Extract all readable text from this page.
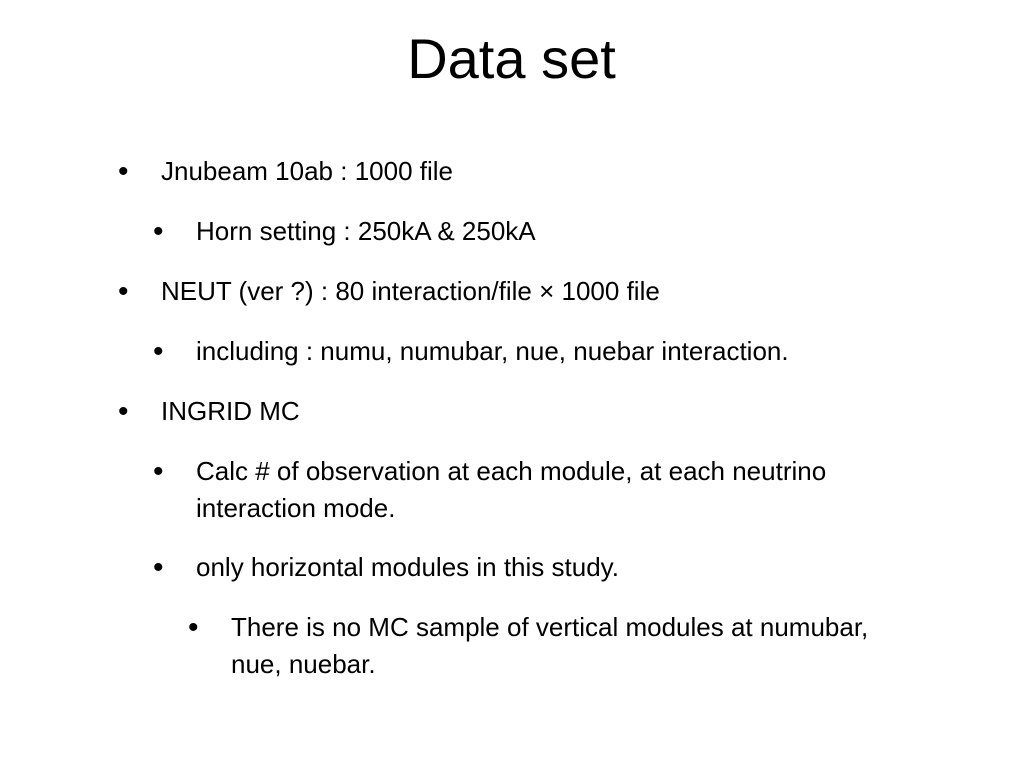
Data set
• Jnubeam 10ab : 1000 file
• Horn setting : 250kA & 250kA
• NEUT (ver ?) : 80 interaction/file × 1000 file
• including : numu, numubar, nue, nuebar interaction.
• INGRID MC
• Calc # of observation at each module, at each neutrino interaction mode.
• only horizontal modules in this study.
• There is no MC sample of vertical modules at numubar, nue, nuebar.
